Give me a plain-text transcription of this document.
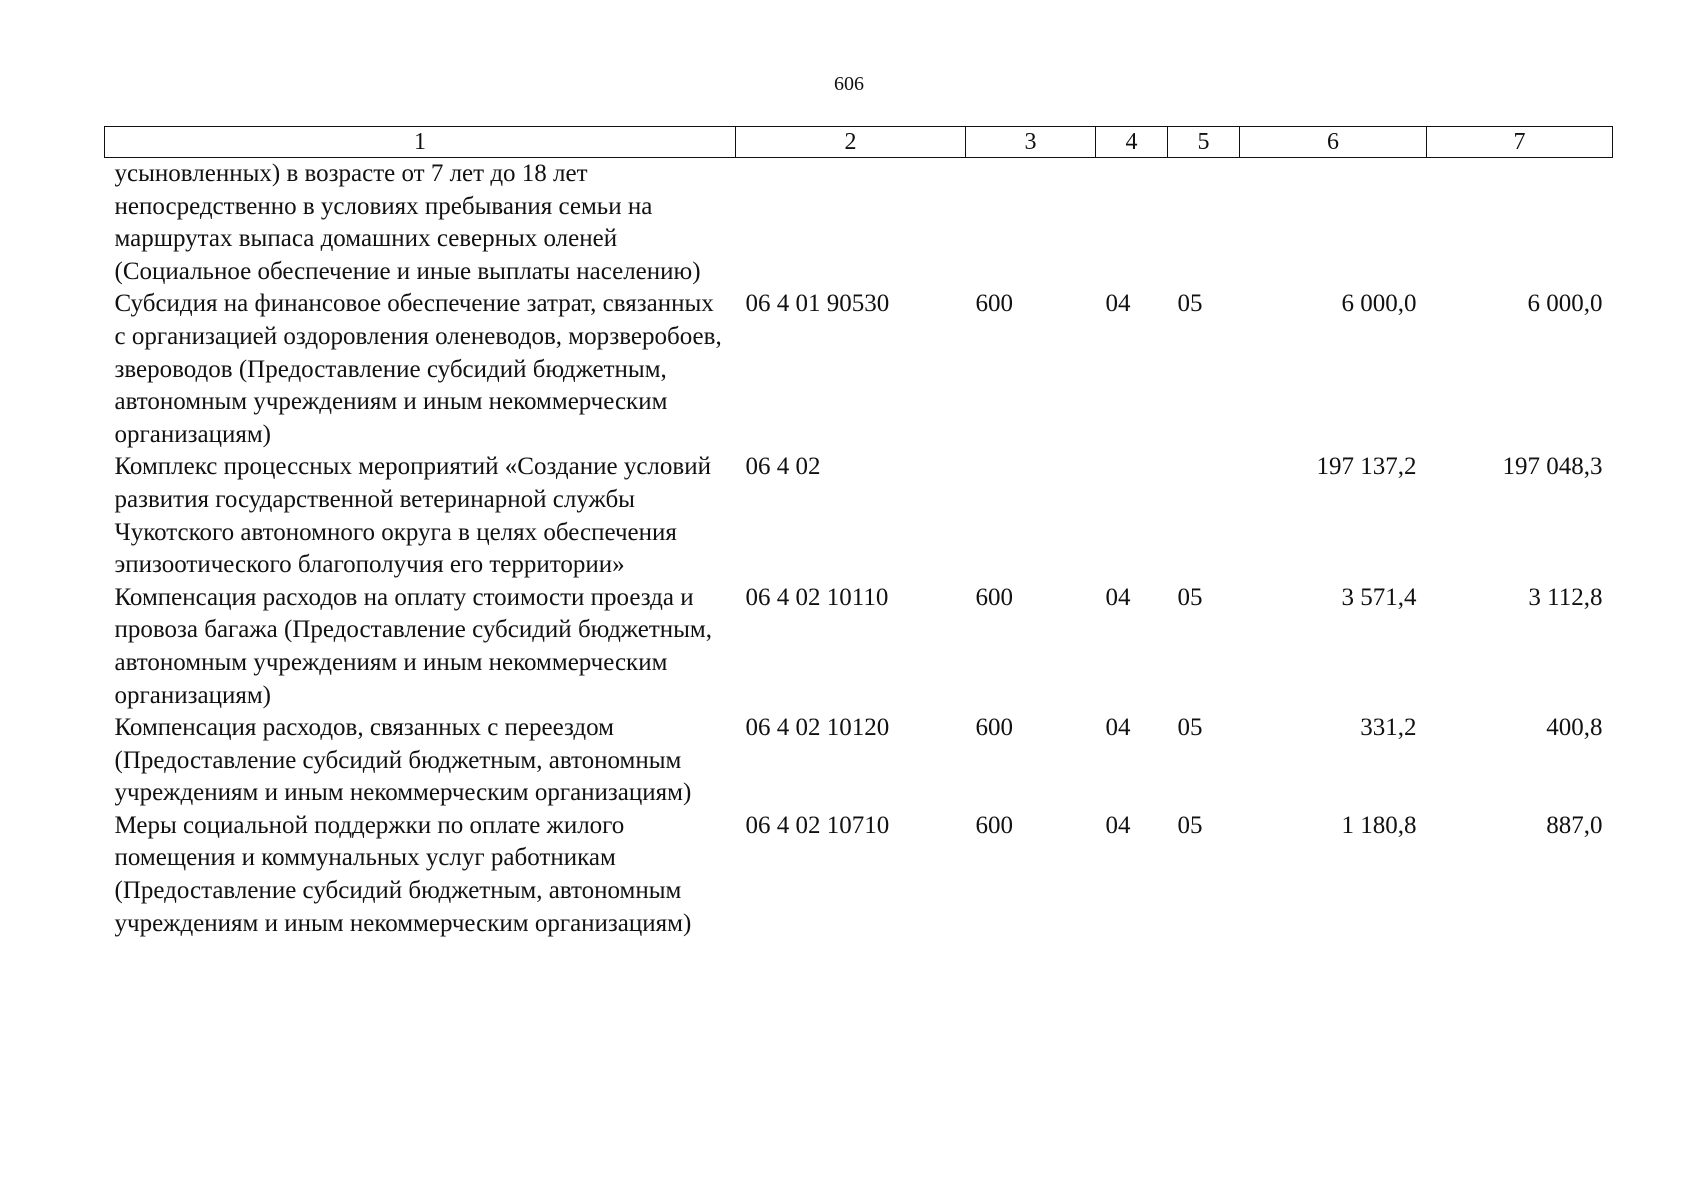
606
1	2	3	4	5	6	7
усыновленных) в возрасте от 7 лет до 18 лет непосредственно в условиях пребывания семьи на маршрутах выпаса домашних северных оленей (Социальное обеспечение и иные выплаты населению)						
Субсидия на финансовое обеспечение затрат, связанных с организацией оздоровления оленеводов, морзверобоев, звероводов (Предоставление субсидий бюджетным, автономным учреждениям и иным некоммерческим организациям)	06 4 01 90530	600	04	05	6 000,0	6 000,0
Комплекс процессных мероприятий «Создание условий развития государственной ветеринарной службы Чукотского автономного округа в целях обеспечения эпизоотического благополучия его территории»	06 4 02				197 137,2	197 048,3
Компенсация расходов на оплату стоимости проезда и провоза багажа (Предоставление субсидий бюджетным, автономным учреждениям и иным некоммерческим организациям)	06 4 02 10110	600	04	05	3 571,4	3 112,8
Компенсация расходов, связанных с переездом (Предоставление субсидий бюджетным, автономным учреждениям и иным некоммерческим организациям)	06 4 02 10120	600	04	05	331,2	400,8
Меры социальной поддержки по оплате жилого помещения и коммунальных услуг работникам (Предоставление субсидий бюджетным, автономным учреждениям и иным некоммерческим организациям)	06 4 02 10710	600	04	05	1 180,8	887,0
